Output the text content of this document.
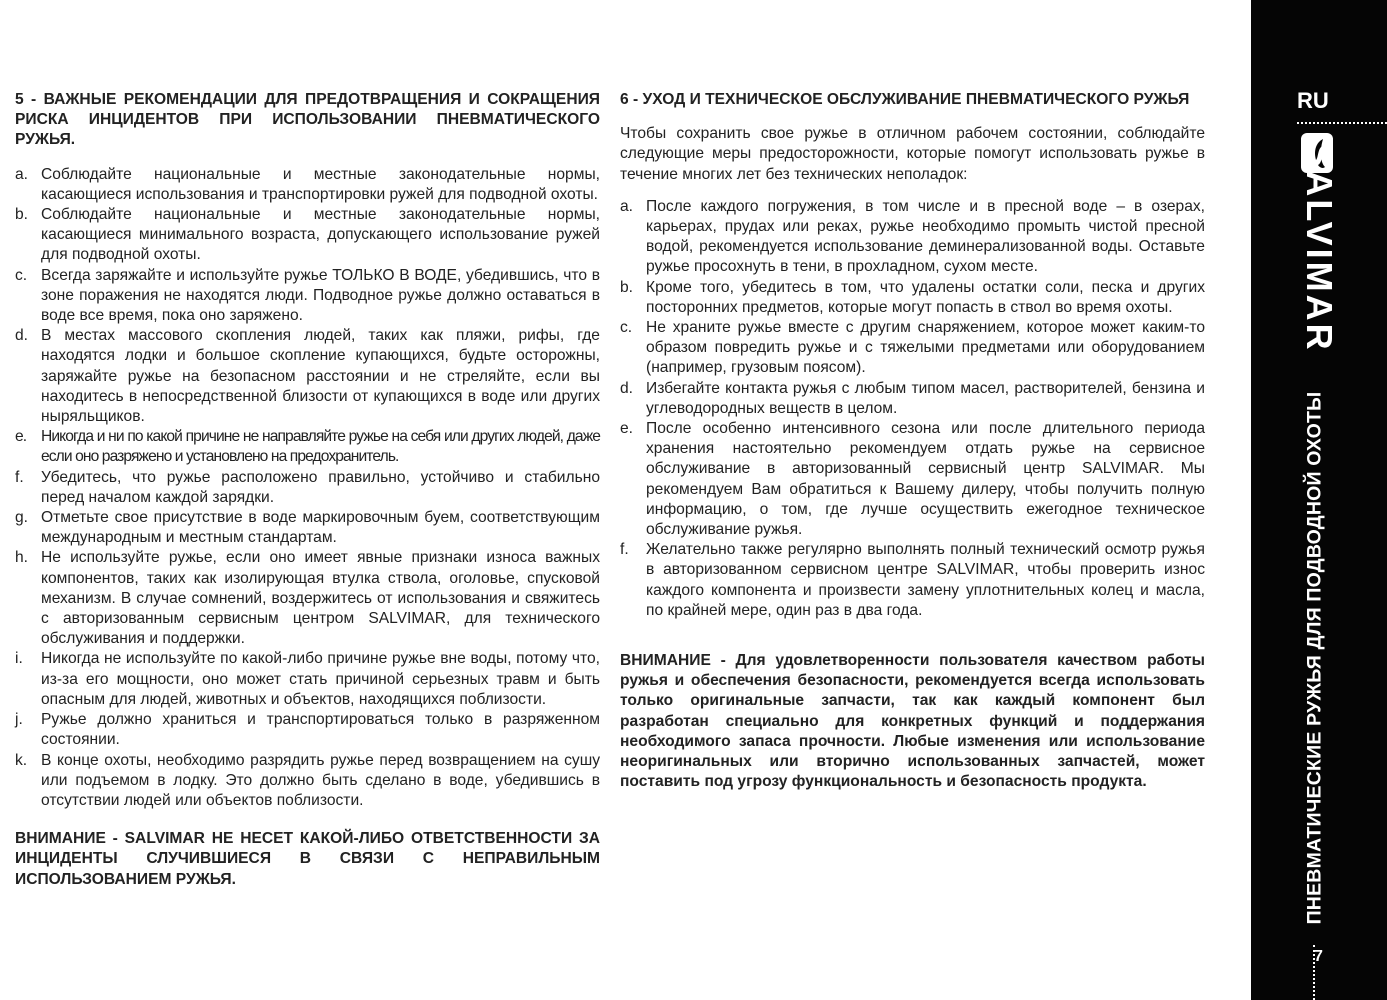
5 - ВАЖНЫЕ РЕКОМЕНДАЦИИ ДЛЯ ПРЕДОТВРАЩЕНИЯ И СОКРАЩЕНИЯ РИСКА ИНЦИДЕНТОВ ПРИ ИСПОЛЬЗОВАНИИ ПНЕВМАТИЧЕСКОГО РУЖЬЯ.

a. Соблюдайте национальные и местные законодательные нормы, касающиеся использования и транспортировки ружей для подводной охоты.
b. Соблюдайте национальные и местные законодательные нормы, касающиеся минимального возраста, допускающего использование ружей для подводной охоты.
c. Всегда заряжайте и используйте ружье ТОЛЬКО В ВОДЕ, убедившись, что в зоне поражения не находятся люди. Подводное ружье должно оставаться в воде все время, пока оно заряжено.
d. В местах массового скопления людей, таких как пляжи, рифы, где находятся лодки и большое скопление купающихся, будьте осторожны, заряжайте ружье на безопасном расстоянии и не стреляйте, если вы находитесь в непосредственной близости от купающихся в воде или других ныряльщиков.
e. Никогда и ни по какой причине не направляйте ружье на себя или других людей, даже если оно разряжено и установлено на предохранитель.
f. Убедитесь, что ружье расположено правильно, устойчиво и стабильно перед началом каждой зарядки.
g. Отметьте свое присутствие в воде маркировочным буем, соответствующим международным и местным стандартам.
h. Не используйте ружье, если оно имеет явные признаки износа важных компонентов, таких как изолирующая втулка ствола, оголовье, спусковой механизм. В случае сомнений, воздержитесь от использования и свяжитесь с авторизованным сервисным центром SALVIMAR, для технического обслуживания и поддержки.
i. Никогда не используйте по какой-либо причине ружье вне воды, потому что, из-за его мощности, оно может стать причиной серьезных травм и быть опасным для людей, животных и объектов, находящихся поблизости.
j. Ружье должно храниться и транспортироваться только в разряженном состоянии.
k. В конце охоты, необходимо разрядить ружье перед возвращением на сушу или подъемом в лодку. Это должно быть сделано в воде, убедившись в отсутствии людей или объектов поблизости.

ВНИМАНИЕ - SALVIMAR НЕ НЕСЕТ КАКОЙ-ЛИБО ОТВЕТСТВЕННОСТИ ЗА ИНЦИДЕНТЫ СЛУЧИВШИЕСЯ В СВЯЗИ С НЕПРАВИЛЬНЫМ ИСПОЛЬЗОВАНИЕМ РУЖЬЯ.

6 - УХОД И ТЕХНИЧЕСКОЕ ОБСЛУЖИВАНИЕ ПНЕВМАТИЧЕСКОГО РУЖЬЯ

Чтобы сохранить свое ружье в отличном рабочем состоянии, соблюдайте следующие меры предосторожности, которые помогут использовать ружье в течение многих лет без технических неполадок:

a. После каждого погружения, в том числе и в пресной воде – в озерах, карьерах, прудах или реках, ружье необходимо промыть чистой пресной водой, рекомендуется использование деминерализованной воды. Оставьте ружье просохнуть в тени, в прохладном, сухом месте.
b. Кроме того, убедитесь в том, что удалены остатки соли, песка и других посторонних предметов, которые могут попасть в ствол во время охоты.
c. Не храните ружье вместе с другим снаряжением, которое может каким-то образом повредить ружье и с тяжелыми предметами или оборудованием (например, грузовым поясом).
d. Избегайте контакта ружья с любым типом масел, растворителей, бензина и углеводородных веществ в целом.
e. После особенно интенсивного сезона или после длительного периода хранения настоятельно рекомендуем отдать ружье на сервисное обслуживание в авторизованный сервисный центр SALVIMAR. Мы рекомендуем Вам обратиться к Вашему дилеру, чтобы получить полную информацию, о том, где лучше осуществить ежегодное техническое обслуживание ружья.
f. Желательно также регулярно выполнять полный технический осмотр ружья в авторизованном сервисном центре SALVIMAR, чтобы проверить износ каждого компонента и произвести замену уплотнительных колец и масла, по крайней мере, один раз в два года.

ВНИМАНИЕ - Для удовлетворенности пользователя качеством работы ружья и обеспечения безопасности, рекомендуется всегда использовать только оригинальные запчасти, так как каждый компонент был разработан специально для конкретных функций и поддержания необходимого запаса прочности. Любые изменения или использование неоригинальных или вторично использованных запчастей, может поставить под угрозу функциональность и безопасность продукта.

RU
SALVIMAR
ПНЕВМАТИЧЕСКИЕ РУЖЬЯ ДЛЯ ПОДВОДНОЙ ОХОТЫ
7
